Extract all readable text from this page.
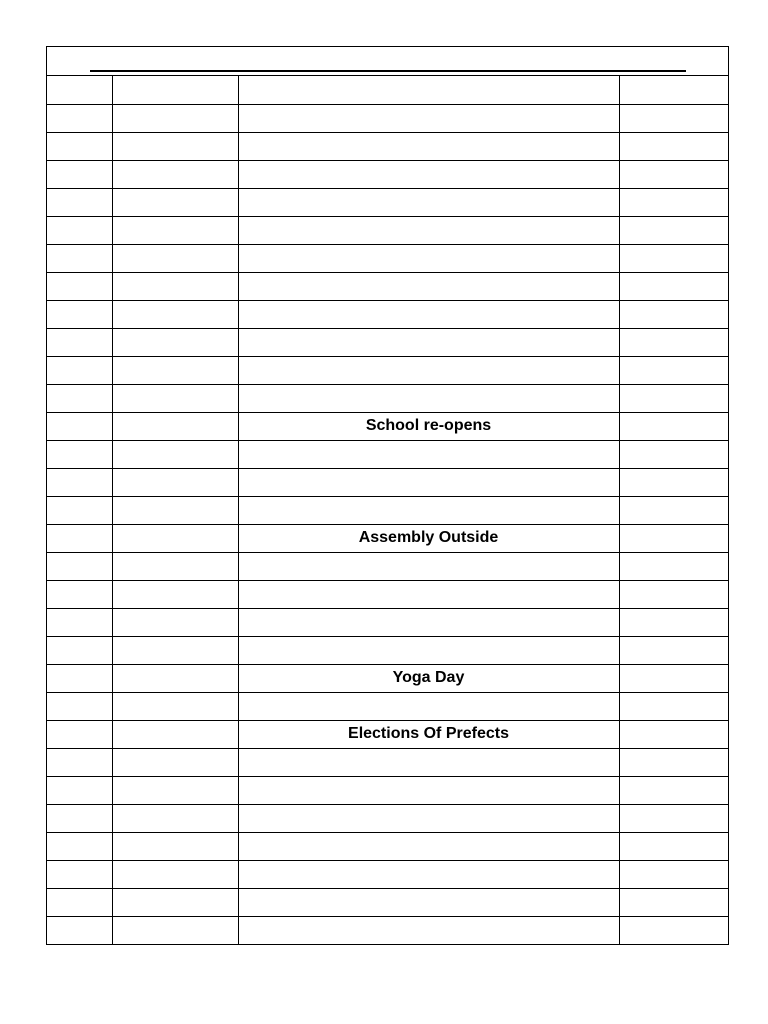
		School re-opens	

		Assembly Outside	

		Yoga Day	

		Elections Of Prefects	
